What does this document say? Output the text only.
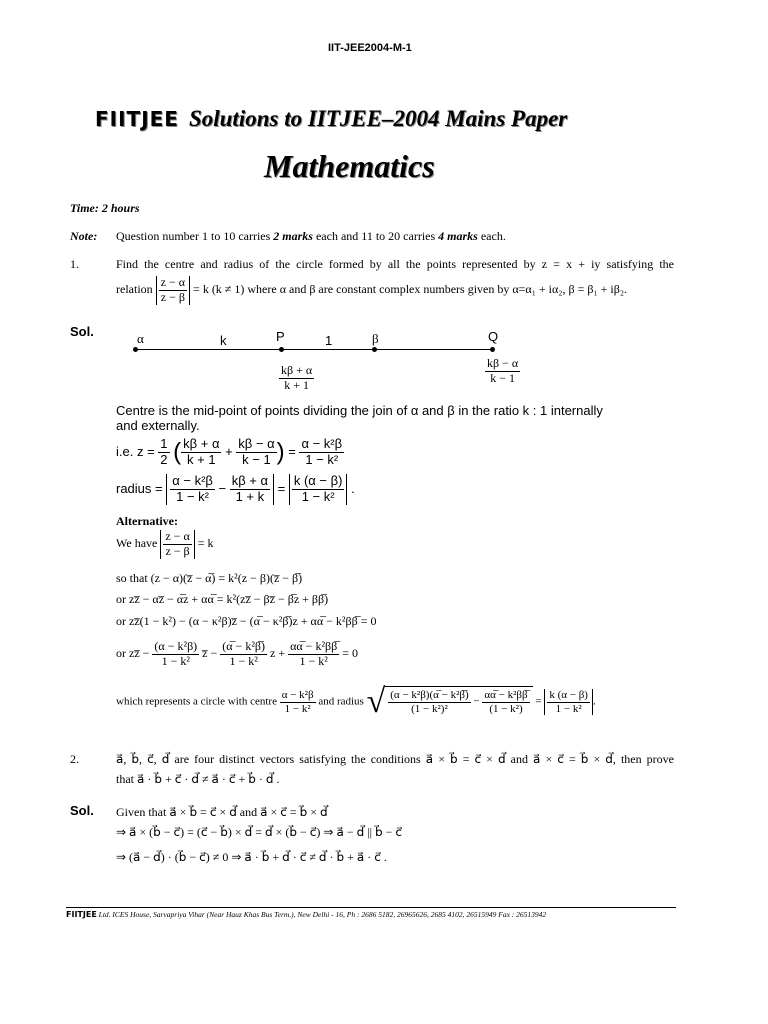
IIT-JEE2004-M-1
FIITJEE Solutions to IITJEE–2004 Mains Paper
Mathematics
Time: 2 hours
Note: Question number 1 to 10 carries 2 marks each and 11 to 20 carries 4 marks each.
1.	Find the centre and radius of the circle formed by all the points represented by z = x + iy satisfying the
relation $\frac{z - \alpha}{z - \beta} = k$ (k ≠ 1) where α and β are constant complex numbers given by α=α₁ + iα₂, β = β₁ + iβ₂.
Sol.	α	k	P	1	β	Q
$\frac{k\beta + \alpha}{k + 1}$	$\frac{k\beta - \alpha}{k - 1}$
Centre is the mid-point of points dividing the join of α and β in the ratio k : 1 internally
and externally.
i.e. $z = \frac{1}{2}$ ( $\frac{k\beta + \alpha}{k + 1} + \frac{k\beta - \alpha}{k - 1}$ ) = $\frac{\text{α − k²β}}{\text{1 − k²}}$
radius = $\frac{\text{α − k²β}}{\text{1 − k²}} - \frac{k\beta + \alpha}{1 + k} = \frac{k (\alpha - \beta)}{\text{1 − k²}}$ .
Alternative:
We have $\frac{z - \alpha}{z - \beta} = k$
so that (z − α)(z̅ − α̅) = k²(z − β)(z̅ − β̅)
or zz̅ − αz̅ − α̅z + αα̅ = k²(zz̅ − βz̅ − β̅z + ββ̅)
or zz̅(1 − k²) − (α − κ²β)z̅ − (α̅ − κ²β̅)z + αα̅ − k²ββ̅ = 0
or zz̅ − $\frac{\text{(α − k²β)}}{\text{1 − k²}}$ z̅ − $\frac{\text{(α̅ − k²β̅)}}{\text{1 − k²}}$ $z + \frac{\text{αα̅ − k²ββ̅}}{\text{1 − k²}} = 0$
which represents a circle with centre $\frac{\text{α − k²β}}{\text{1 − k²}}$ and radius √ $\frac{\text{(α − k²β)(α̅ − k²β̅)}}{\text{(1 − k²)²}} - \frac{\text{αα̅ − k²ββ̅}}{\text{(1 − k²)}} = \frac{k (\alpha - \beta)}{\text{1 − k²}}$ .
2.	a⃗, b⃗, c⃗, d⃗ are four distinct vectors satisfying the conditions a⃗ × b⃗ = c⃗ × d⃗ and a⃗ × c⃗ = b⃗ × d⃗, then prove
that a⃗ · b⃗ + c⃗ · d⃗ ≠ a⃗ · c⃗ + b⃗ · d⃗ .
Sol. Given that a⃗ × b⃗ = c⃗ × d⃗ and a⃗ × c⃗ = b⃗ × d⃗
⇒ a⃗ × (b⃗ − c⃗) = (c⃗ − b⃗) × d⃗ = d⃗ × (b⃗ − c⃗) ⇒ a⃗ − d⃗ || b⃗ − c⃗
⇒ (a⃗ − d⃗) · (b⃗ − c⃗) ≠ 0 ⇒ a⃗ · b⃗ + d⃗ · c⃗ ≠ d⃗ · b⃗ + a⃗ · c⃗ .
FIITJEE Ltd. ICES House, Sarvapriya Vihar (Near Hauz Khas Bus Term.), New Delhi - 16, Ph : 2686 5182, 26965626, 2685 4102, 26515949 Fax : 26513942
